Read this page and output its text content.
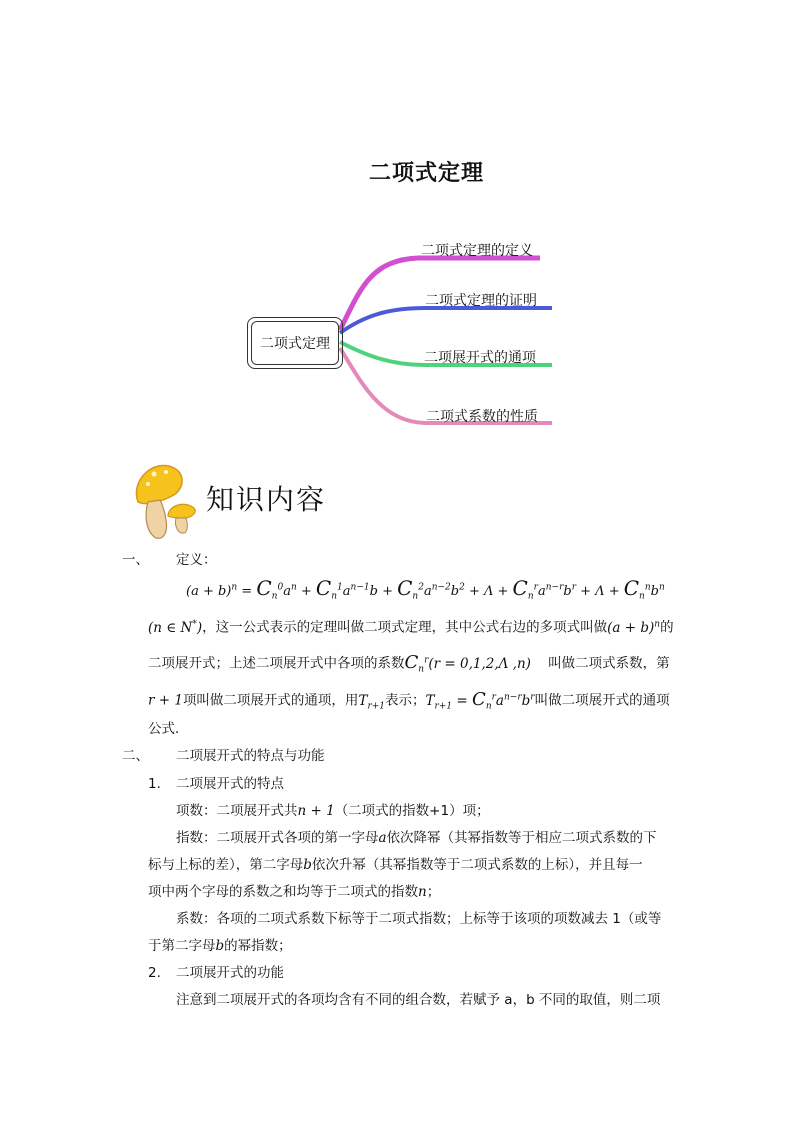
二项式定理
二项式定理
二项式定理的定义
二项式定理的证明
二项展开式的通项
二项式系数的性质
知识内容
一、 定义：
$(a + b)^n = C_n^0a^n + C_n^1a^{n-1}b + C_n^2a^{n-2}b^2 + \Lambda + C_n^ra^{n-r}b^r + \Lambda + C_n^nb^n$
(n ∈ N*)，这一公式表示的定理叫做二项式定理，其中公式右边的多项式叫做$(a + b)^n$的
二项展开式；上述二项展开式中各项的系数$C_n^r(r = 0,1,2,\Lambda$ ,n) 叫做二项式系数，第
r + 1项叫做二项展开式的通项，用$T_{r+1}$表示；$T_{r+1} = C_n^ra^{n-r}b^r$叫做二项展开式的通项
公式．
二、 二项展开式的特点与功能
1. 二项展开式的特点
项数：二项展开式共n + 1（二项式的指数+1）项；
指数：二项展开式各项的第一字母a依次降幂（其幂指数等于相应二项式系数的下
标与上标的差），第二字母b依次升幂（其幂指数等于二项式系数的上标），并且每一
项中两个字母的系数之和均等于二项式的指数n；
系数：各项的二项式系数下标等于二项式指数；上标等于该项的项数减去 1（或等
于第二字母b的幂指数；
2. 二项展开式的功能
注意到二项展开式的各项均含有不同的组合数，若赋予 a，b 不同的取值，则二项
